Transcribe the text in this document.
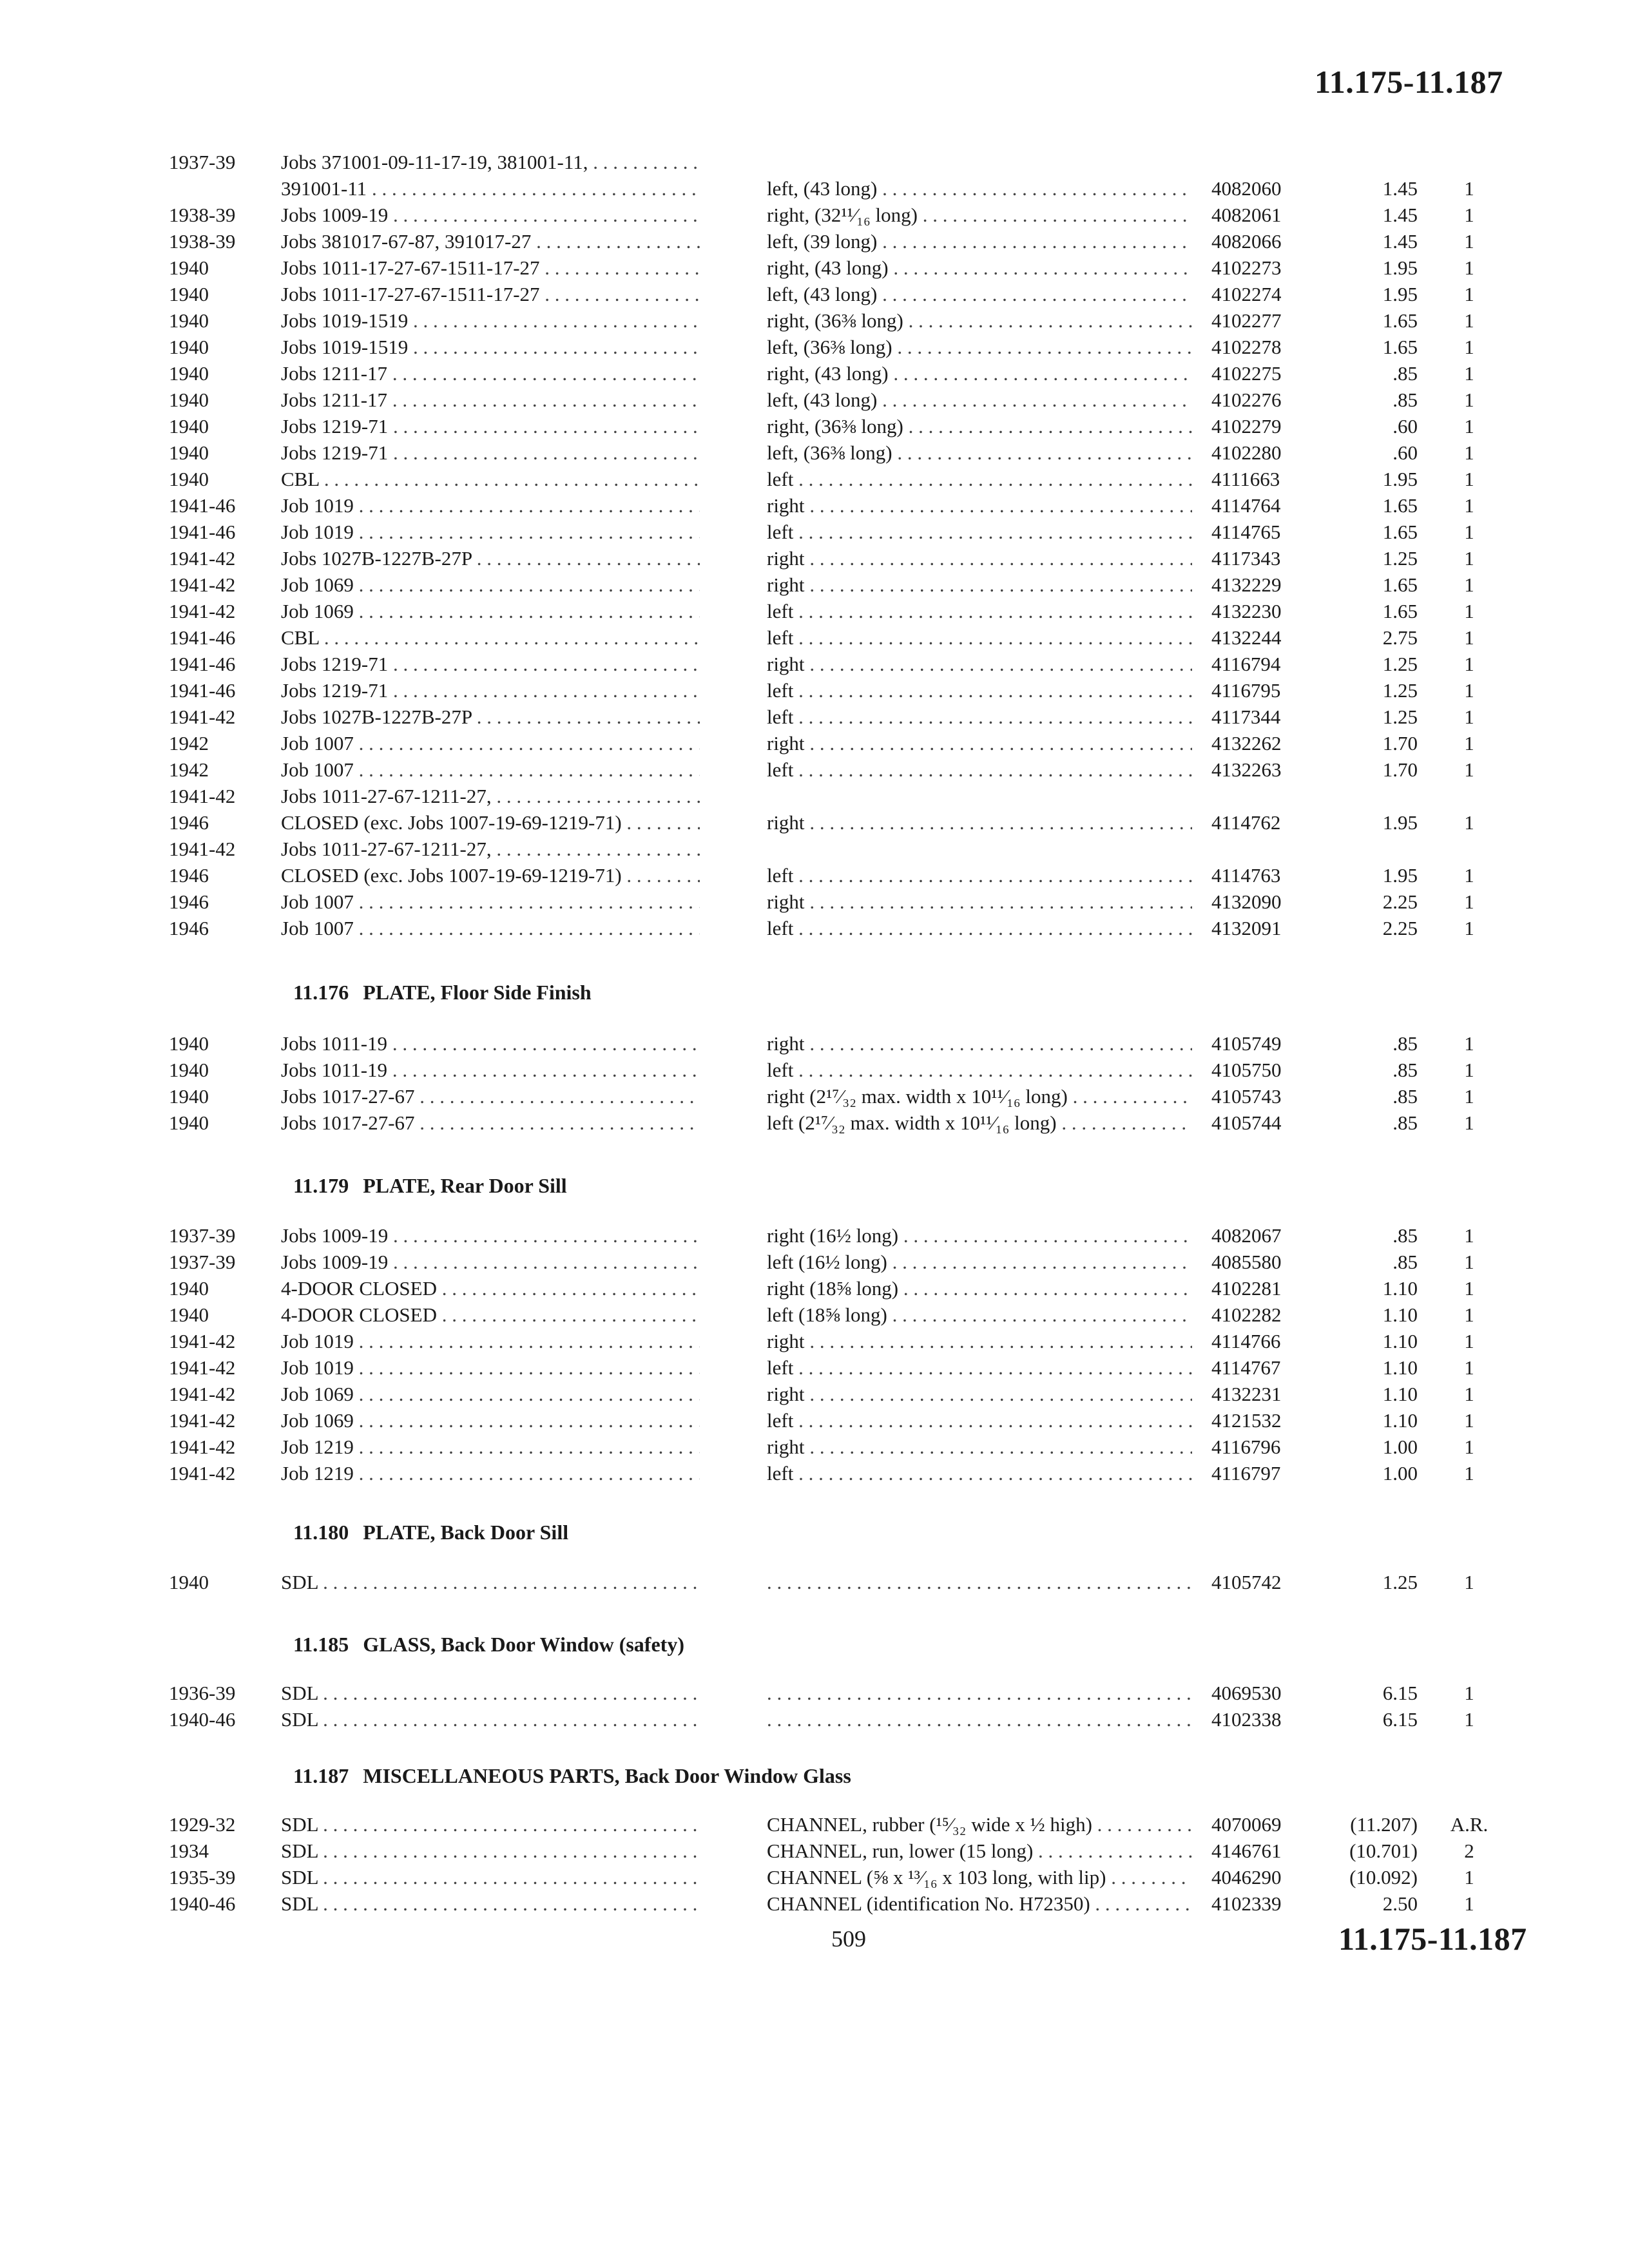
11.175-11.187
1937-39 Jobs 371001-09-11-17-19, 381001-11, . . .
391001-11 . . .	left, (43 long) . . .	4082060	1.45	1
1938-39 Jobs 1009-19 . . .	right, (32¹¹⁄₁₆ long) . . .	4082061	1.45	1
1938-39 Jobs 381017-67-87, 391017-27 . . .	left, (39 long) . . .	4082066	1.45	1
1940	Jobs 1011-17-27-67-1511-17-27 . . .	right, (43 long) . . .	4102273	1.95	1
1940	Jobs 1011-17-27-67-1511-17-27 . . .	left, (43 long) . . .	4102274	1.95	1
1940	Jobs 1019-1519 . . .	right, (36⅜ long) . . .	4102277	1.65	1
1940	Jobs 1019-1519 . . .	left, (36⅜ long) . . .	4102278	1.65	1
1940	Jobs 1211-17 . . .	right, (43 long) . . .	4102275	.85	1
1940	Jobs 1211-17 . . .	left, (43 long) . . .	4102276	.85	1
1940	Jobs 1219-71 . . .	right, (36⅜ long) . . .	4102279	.60	1
1940	Jobs 1219-71 . . .	left, (36⅜ long) . . .	4102280	.60	1
1940	CBL . . .	left . . .	4111663	1.95	1
1941-46 Job 1019 . . .	right . . .	4114764	1.65	1
1941-46 Job 1019 . . .	left . . .	4114765	1.65	1
1941-42 Jobs 1027B-1227B-27P . . .	right . . .	4117343	1.25	1
1941-42 Job 1069 . . .	right . . .	4132229	1.65	1
1941-42 Job 1069 . . .	left . . .	4132230	1.65	1
1941-46 CBL . . .	left . . .	4132244	2.75	1
1941-46 Jobs 1219-71 . . .	right . . .	4116794	1.25	1
1941-46 Jobs 1219-71 . . .	left . . .	4116795	1.25	1
1941-42 Jobs 1027B-1227B-27P . . .	left . . .	4117344	1.25	1
1942	Job 1007 . . .	right . . .	4132262	1.70	1
1942	Job 1007 . . .	left . . .	4132263	1.70	1
1941-42 Jobs 1011-27-67-1211-27, . . .
1946	CLOSED (exc. Jobs 1007-19-69-1219-71) . . .	right . . .	4114762	1.95	1
1941-42 Jobs 1011-27-67-1211-27, . . .
1946	CLOSED (exc. Jobs 1007-19-69-1219-71) . . .	left . . .	4114763	1.95	1
1946	Job 1007 . . .	right . . .	4132090	2.25	1
1946	Job 1007 . . .	left . . .	4132091	2.25	1
11.176 PLATE, Floor Side Finish
1940	Jobs 1011-19 . . .	right . . .	4105749	.85	1
1940	Jobs 1011-19 . . .	left . . .	4105750	.85	1
1940	Jobs 1017-27-67 . . .	right (2¹⁷⁄₃₂ max. width x 10¹¹⁄₁₆ long) . . .	4105743	.85	1
1940	Jobs 1017-27-67 . . .	left (2¹⁷⁄₃₂ max. width x 10¹¹⁄₁₆ long) . . .	4105744	.85	1
11.179 PLATE, Rear Door Sill
1937-39 Jobs 1009-19 . . .	right (16½ long) . . .	4082067	.85	1
1937-39 Jobs 1009-19 . . .	left (16½ long) . . .	4085580	.85	1
1940	4-DOOR CLOSED . . .	right (18⅝ long) . . .	4102281	1.10	1
1940	4-DOOR CLOSED . . .	left (18⅝ long) . . .	4102282	1.10	1
1941-42 Job 1019 . . .	right . . .	4114766	1.10	1
1941-42 Job 1019 . . .	left . . .	4114767	1.10	1
1941-42 Job 1069 . . .	right . . .	4132231	1.10	1
1941-42 Job 1069 . . .	left . . .	4121532	1.10	1
1941-42 Job 1219 . . .	right . . .	4116796	1.00	1
1941-42 Job 1219 . . .	left . . .	4116797	1.00	1
11.180 PLATE, Back Door Sill
1940	SDL . . . . . .	4105742	1.25	1
11.185 GLASS, Back Door Window (safety)
1936-39 SDL . . . . . .	4069530	6.15	1
1940-46 SDL . . . . . .	4102338	6.15	1
11.187 MISCELLANEOUS PARTS, Back Door Window Glass
1929-32 SDL . . .	CHANNEL, rubber (¹⁵⁄₃₂ wide x ½ high) . . .	4070069	(11.207) A.R.
1934	SDL . . .	CHANNEL, run, lower (15 long) . . .	4146761	(10.701)	2
1935-39 SDL . . .	CHANNEL (⅝ x ¹³⁄₁₆ x 103 long, with lip) . . .	4046290	(10.092)	1
1940-46 SDL . . .	CHANNEL (identification No. H72350) . . .	4102339	2.50	1
509	11.175-11.187
